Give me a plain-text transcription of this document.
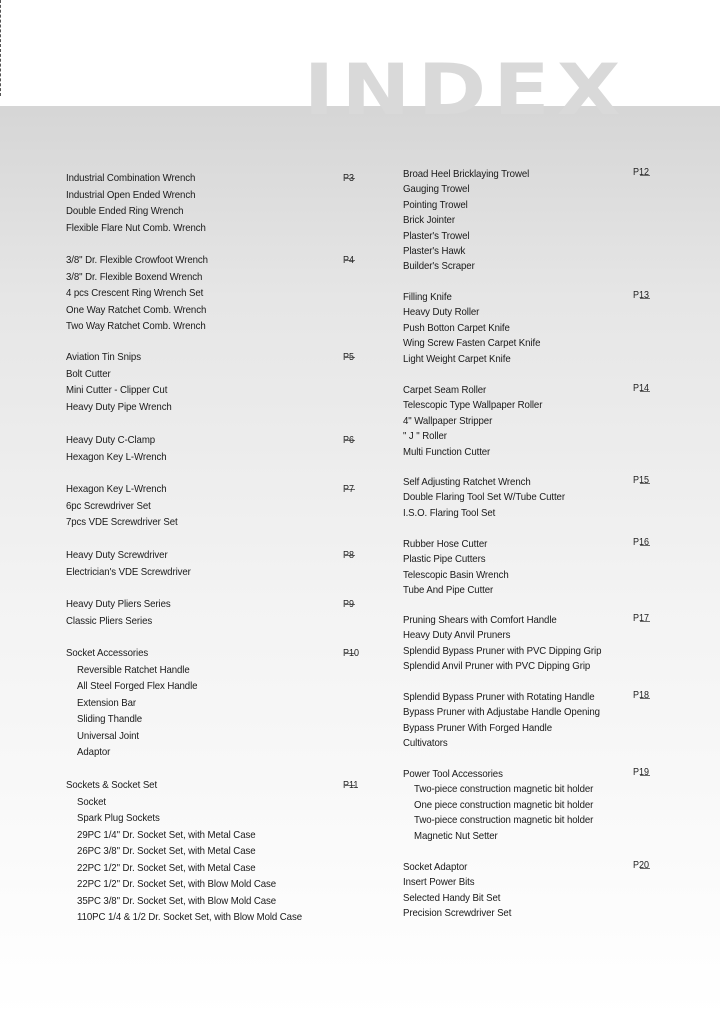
INDEX
Industrial Combination Wrench
Industrial Open Ended Wrench
Double Ended Ring Wrench
Flexible Flare Nut Comb. Wrench
P3
3/8" Dr. Flexible Crowfoot Wrench
3/8" Dr. Flexible Boxend Wrench
4 pcs Crescent Ring Wrench Set
One Way Ratchet Comb. Wrench
Two Way Ratchet Comb. Wrench
P4
Aviation Tin Snips
Bolt Cutter
Mini Cutter - Clipper Cut
Heavy Duty Pipe Wrench
P5
Heavy Duty C-Clamp
Hexagon Key L-Wrench
P6
Hexagon Key L-Wrench
6pc Screwdriver Set
7pcs VDE Screwdriver Set
P7
Heavy Duty Screwdriver
Electrician's VDE Screwdriver
P8
Heavy Duty Pliers Series
Classic Pliers Series
P9
Socket Accessories
Reversible Ratchet Handle
All Steel Forged Flex Handle
Extension Bar
Sliding Thandle
Universal Joint
Adaptor
P10
Sockets & Socket Set
Socket
Spark Plug Sockets
29PC 1/4" Dr. Socket Set, with Metal Case
26PC 3/8" Dr. Socket Set, with Metal Case
22PC 1/2" Dr. Socket Set, with Metal Case
22PC 1/2" Dr. Socket Set, with Blow Mold Case
35PC 3/8" Dr. Socket Set, with Blow Mold Case
110PC 1/4 & 1/2 Dr. Socket Set, with Blow Mold Case
P11
Broad Heel Bricklaying Trowel
Gauging Trowel
Pointing Trowel
Brick Jointer
Plaster's Trowel
Plaster's Hawk
Builder's Scraper
P12
Filling Knife
Heavy Duty Roller
Push Botton Carpet Knife
Wing Screw Fasten Carpet Knife
Light Weight Carpet Knife
P13
Carpet Seam Roller
Telescopic Type Wallpaper Roller
4" Wallpaper Stripper
" J " Roller
Multi Function Cutter
P14
Self Adjusting Ratchet Wrench
Double Flaring Tool Set W/Tube Cutter
I.S.O. Flaring Tool Set
P15
Rubber Hose Cutter
Plastic Pipe Cutters
Telescopic Basin Wrench
Tube And Pipe Cutter
P16
Pruning Shears with Comfort Handle
Heavy Duty Anvil Pruners
Splendid Bypass Pruner with PVC Dipping Grip
Splendid Anvil Pruner with PVC Dipping Grip
P17
Splendid Bypass Pruner with Rotating Handle
Bypass Pruner with Adjustabe Handle Opening
Bypass Pruner With Forged Handle
Cultivators
P18
Power Tool Accessories
Two-piece construction magnetic bit holder
One piece construction magnetic bit holder
Two-piece construction magnetic bit holder
Magnetic Nut Setter
P19
Socket Adaptor
Insert Power Bits
Selected Handy Bit Set
Precision Screwdriver Set
P20
